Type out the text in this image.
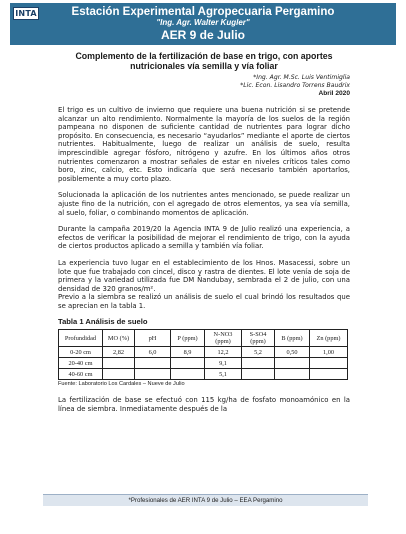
INTA	Estación Experimental Agropecuaria Pergamino
"Ing. Agr. Walter Kugler"
AER 9 de Julio
Complemento de la fertilización de base en trigo, con aportes
nutricionales vía semilla y vía foliar
*Ing. Agr. M.Sc. Luis Ventimiglia
*Lic. Econ. Lisandro Torrens Baudrix
Abril 2020

El trigo es un cultivo de invierno que requiere una buena nutrición si se pretende alcanzar un alto rendimiento. Normalmente la mayoría de los suelos de la región pampeana no disponen de suficiente cantidad de nutrientes para lograr dicho propósito. En consecuencia, es necesario “ayudarlos” mediante el aporte de ciertos nutrientes. Habitualmente, luego de realizar un análisis de suelo, resulta imprescindible agregar fósforo, nitrógeno y azufre. En los últimos años otros nutrientes comenzaron a mostrar señales de estar en niveles críticos tales como boro, zinc, calcio, etc. Esto indicaría que será necesario también aportarlos, posiblemente a muy corto plazo.

Solucionada la aplicación de los nutrientes antes mencionado, se puede realizar un ajuste fino de la nutrición, con el agregado de otros elementos, ya sea vía semilla, al suelo, foliar, o combinando momentos de aplicación.

Durante la campaña 2019/20 la Agencia INTA 9 de Julio realizó una experiencia, a efectos de verificar la posibilidad de mejorar el rendimiento de trigo, con la ayuda de ciertos productos aplicado a semilla y también vía foliar.

La experiencia tuvo lugar en el establecimiento de los Hnos. Masacessi, sobre un lote que fue trabajado con cincel, disco y rastra de dientes. El lote venía de soja de primera y la variedad utilizada fue DM Ñandubay, sembrada el 2 de julio, con una densidad de 320 granos/m².

Previo a la siembra se realizó un análisis de suelo el cual brindó los resultados que se aprecian en la tabla 1.

Tabla 1 Análisis de suelo
Profundidad	MO (%)	pH	P (ppm)	N-NO3 (ppm)	S-SO4 (ppm)	B (ppm)	Zn (ppm)
0-20 cm	2,82	6,0	8,9	12,2	5,2	0,50	1,00
20-40 cm				9,1			
40-60 cm				5,1			
Fuente: Laboratorio Los Cardales – Nueve de Julio

La fertilización de base se efectuó con 115 kg/ha de fosfato monoamónico en la línea de siembra. Inmediatamente después de la

*Profesionales de AER INTA 9 de Julio – EEA Pergamino
